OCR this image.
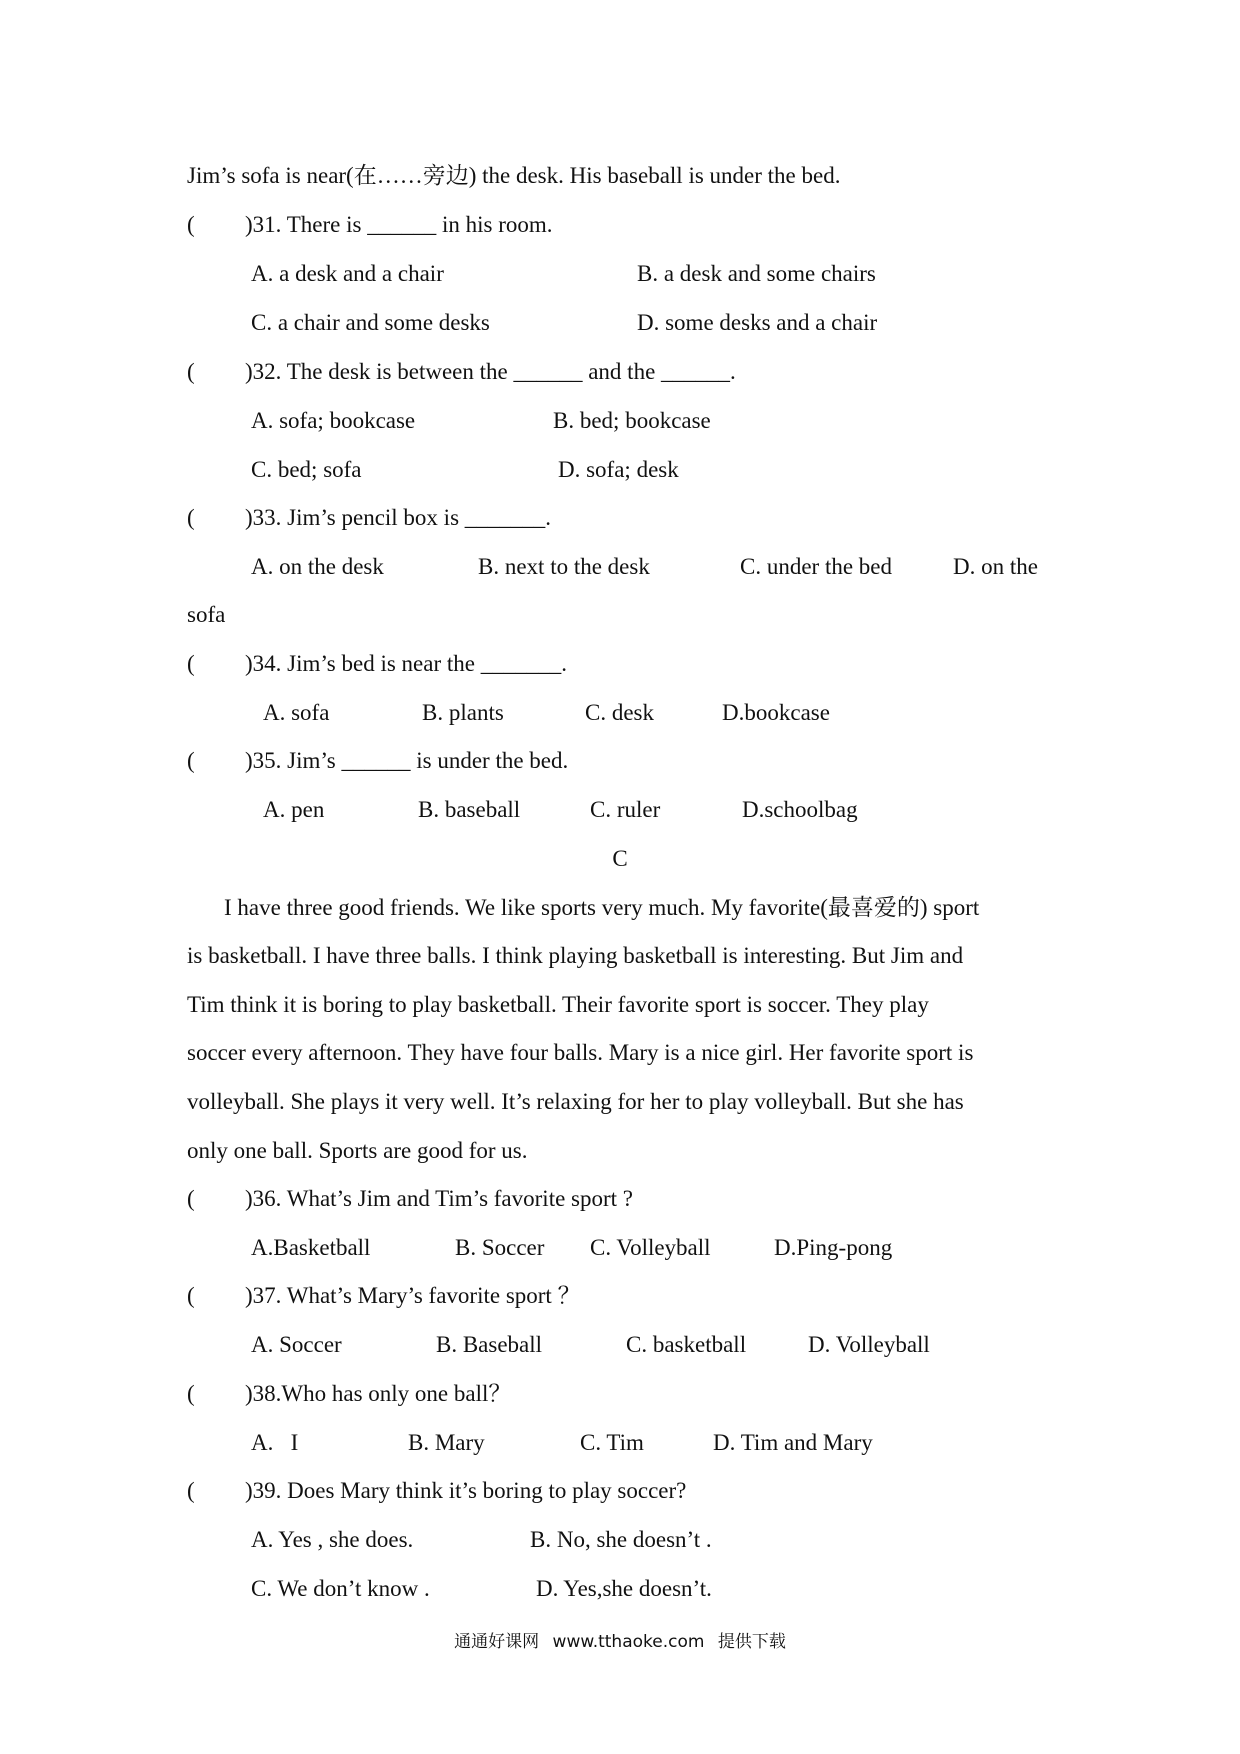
Jim’s sofa is near(在……旁边) the desk. His baseball is under the bed.
( )31. There is ______ in his room.
A. a desk and a chair	B. a desk and some chairs
C. a chair and some desks	D. some desks and a chair
( )32. The desk is between the ______ and the ______.
A. sofa; bookcase	B. bed; bookcase
C. bed; sofa	D. sofa; desk
( )33. Jim’s pencil box is _______.
A. on the desk	B. next to the desk	C. under the bed	D. on the
sofa
( )34. Jim’s bed is near the _______.
A. sofa	B. plants	C. desk	D.bookcase
( )35. Jim’s ______ is under the bed.
A. pen	B. baseball	C. ruler	D.schoolbag
C
I have three good friends. We like sports very much. My favorite(最喜爱的) sport
is basketball. I have three balls. I think playing basketball is interesting. But Jim and
Tim think it is boring to play basketball. Their favorite sport is soccer. They play
soccer every afternoon. They have four balls. Mary is a nice girl. Her favorite sport is
volleyball. She plays it very well. It’s relaxing for her to play volleyball. But she has
only one ball. Sports are good for us.
( )36. What’s Jim and Tim’s favorite sport ?
A.Basketball	B. Soccer C. Volleyball	D.Ping-pong
( )37. What’s Mary’s favorite sport ？
A. Soccer	B. Baseball	C. basketball	D. Volleyball
( )38.Who has only one ball？
A.   I	B. Mary	C. Tim	D. Tim and Mary
( )39. Does Mary think it’s boring to play soccer?
A. Yes , she does.	B. No, she doesn’t .
C. We don’t know .	D. Yes,she doesn’t.
通通好课网 www.tthaoke.com 提供下载
